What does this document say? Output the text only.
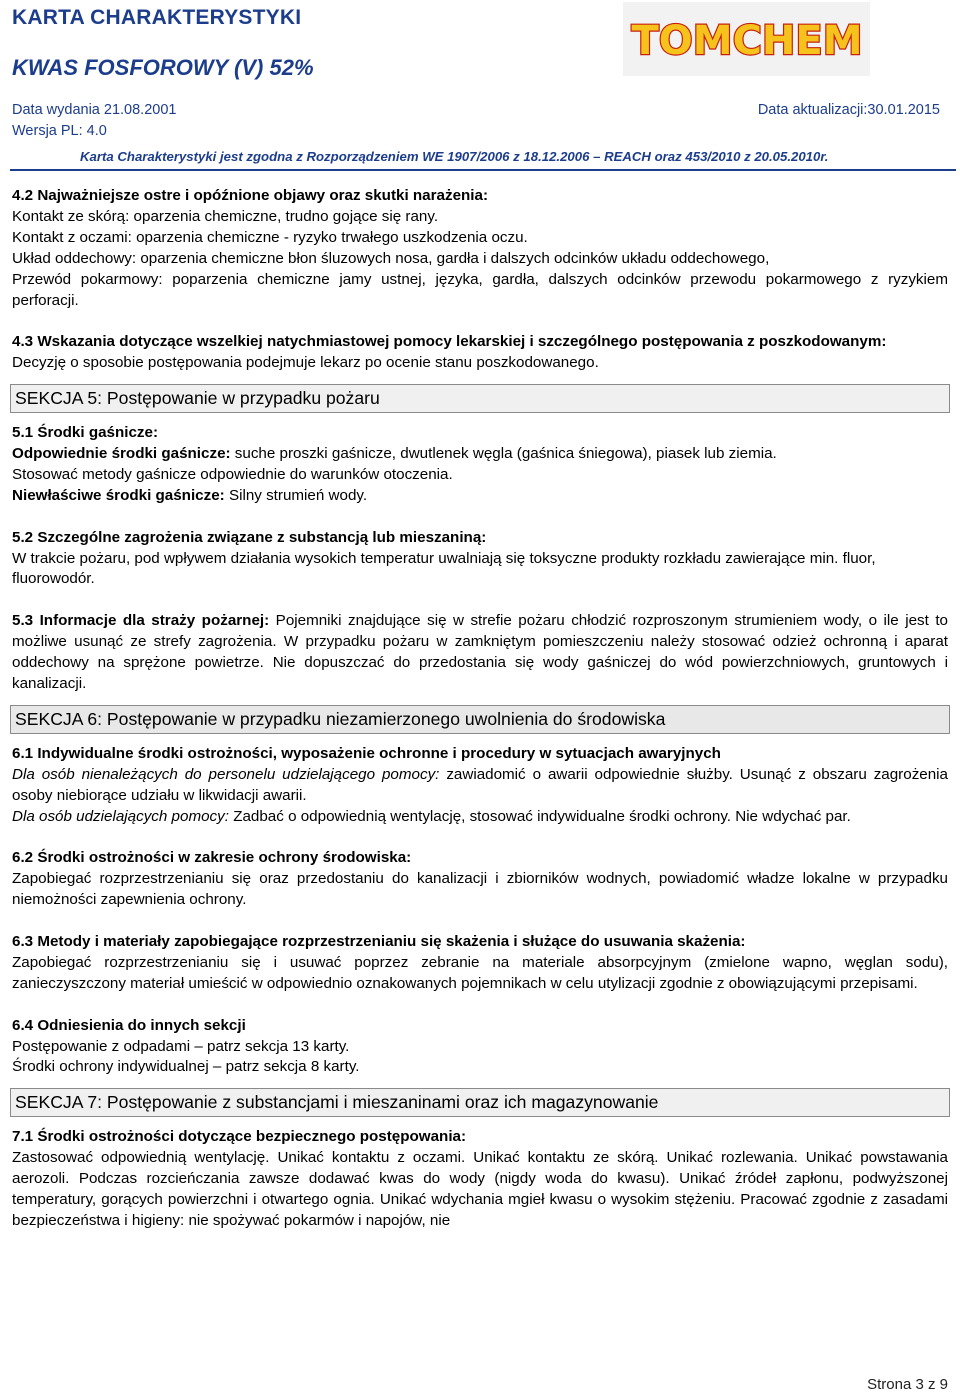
KARTA CHARAKTERYSTYKI
KWAS FOSFOROWY (V) 52%
Data wydania 21.08.2001	Data aktualizacji:30.01.2015
Wersja PL: 4.0
Karta Charakterystyki jest zgodna z Rozporządzeniem WE 1907/2006 z 18.12.2006 – REACH oraz 453/2010 z 20.05.2010r.
TOMCHEM

4.2 Najważniejsze ostre i opóźnione objawy oraz skutki narażenia:

Kontakt ze skórą: oparzenia chemiczne, trudno gojące się rany.

Kontakt z oczami: oparzenia chemiczne - ryzyko trwałego uszkodzenia oczu.

Układ oddechowy: oparzenia chemiczne błon śluzowych nosa, gardła i dalszych odcinków układu oddechowego,

Przewód pokarmowy: poparzenia chemiczne jamy ustnej, języka, gardła, dalszych odcinków przewodu pokarmowego z ryzykiem perforacji.

4.3 Wskazania dotyczące wszelkiej natychmiastowej pomocy lekarskiej i szczególnego postępowania z poszkodowanym:

Decyzję o sposobie postępowania podejmuje lekarz po ocenie stanu poszkodowanego.

SEKCJA 5: Postępowanie w przypadku pożaru

5.1 Środki gaśnicze:

Odpowiednie środki gaśnicze: suche proszki gaśnicze, dwutlenek węgla (gaśnica śniegowa), piasek lub ziemia.

Stosować metody gaśnicze odpowiednie do warunków otoczenia.

Niewłaściwe środki gaśnicze: Silny strumień wody.

5.2 Szczególne zagrożenia związane z substancją lub mieszaniną:

W trakcie pożaru, pod wpływem działania wysokich temperatur uwalniają się toksyczne produkty rozkładu zawierające min. fluor, fluorowodór.

5.3 Informacje dla straży pożarnej: Pojemniki znajdujące się w strefie pożaru chłodzić rozproszonym strumieniem wody, o ile jest to możliwe usunąć ze strefy zagrożenia. W przypadku pożaru w zamkniętym pomieszczeniu należy stosować odzież ochronną i aparat oddechowy na sprężone powietrze. Nie dopuszczać do przedostania się wody gaśniczej do wód powierzchniowych, gruntowych i kanalizacji.

SEKCJA 6: Postępowanie w przypadku niezamierzonego uwolnienia do środowiska

6.1 Indywidualne środki ostrożności, wyposażenie ochronne i procedury w sytuacjach awaryjnych

Dla osób nienależących do personelu udzielającego pomocy: zawiadomić o awarii odpowiednie służby. Usunąć z obszaru zagrożenia osoby niebiorące udziału w likwidacji awarii.

Dla osób udzielających pomocy: Zadbać o odpowiednią wentylację, stosować indywidualne środki ochrony. Nie wdychać par.

6.2 Środki ostrożności w zakresie ochrony środowiska:

Zapobiegać rozprzestrzenianiu się oraz przedostaniu do kanalizacji i zbiorników wodnych, powiadomić władze lokalne w przypadku niemożności zapewnienia ochrony.

6.3 Metody i materiały zapobiegające rozprzestrzenianiu się skażenia i służące do usuwania skażenia:

Zapobiegać rozprzestrzenianiu się i usuwać poprzez zebranie na materiale absorpcyjnym (zmielone wapno, węglan sodu), zanieczyszczony materiał umieścić w odpowiednio oznakowanych pojemnikach w celu utylizacji zgodnie z obowiązującymi przepisami.

6.4 Odniesienia do innych sekcji

Postępowanie z odpadami – patrz sekcja 13 karty.

Środki ochrony indywidualnej – patrz sekcja 8 karty.

SEKCJA 7: Postępowanie z substancjami i mieszaninami oraz ich magazynowanie

7.1 Środki ostrożności dotyczące bezpiecznego postępowania:

Zastosować odpowiednią wentylację. Unikać kontaktu z oczami. Unikać kontaktu ze skórą. Unikać rozlewania. Unikać powstawania aerozoli. Podczas rozcieńczania zawsze dodawać kwas do wody (nigdy woda do kwasu). Unikać źródeł zapłonu, podwyższonej temperatury, gorących powierzchni i otwartego ognia. Unikać wdychania mgieł kwasu o wysokim stężeniu. Pracować zgodnie z zasadami bezpieczeństwa i higieny: nie spożywać pokarmów i napojów, nie

Strona 3 z 9
